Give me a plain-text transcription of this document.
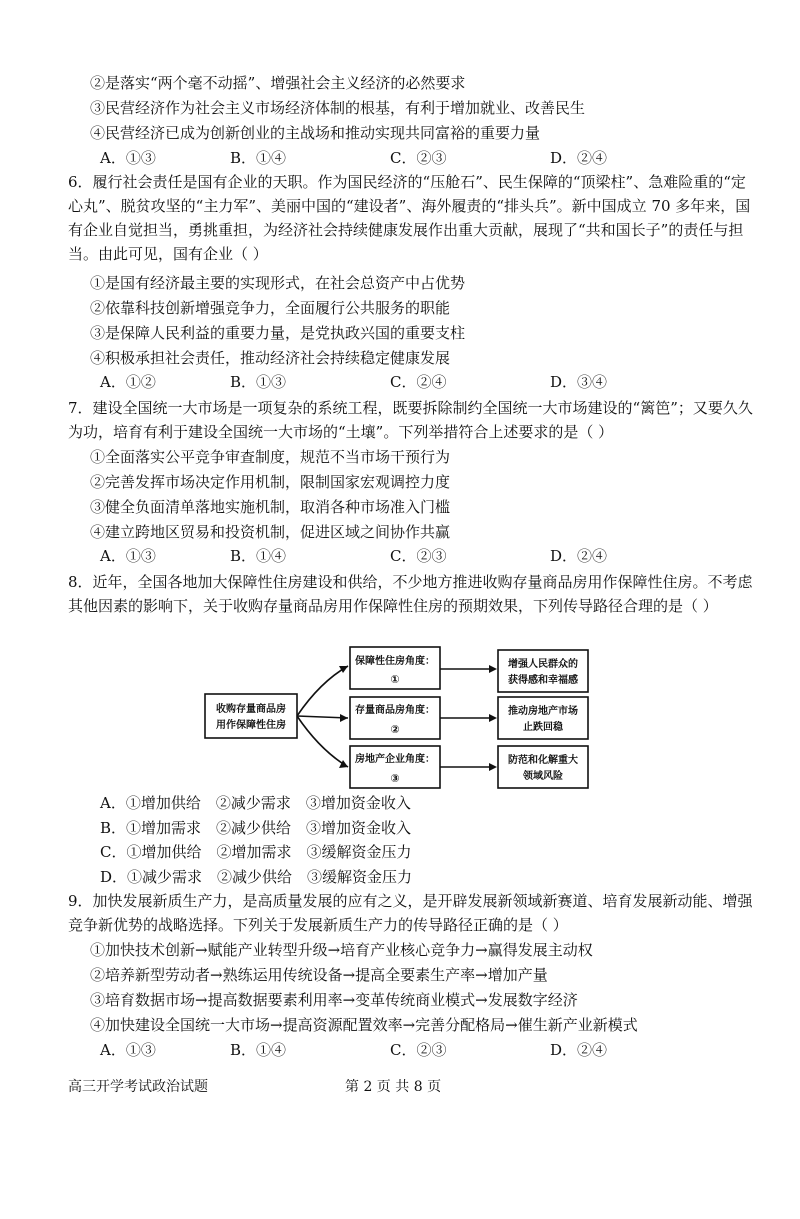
②是落实“两个毫不动摇”、增强社会主义经济的必然要求
③民营经济作为社会主义市场经济体制的根基，有利于增加就业、改善民生
④民营经济已成为创新创业的主战场和推动实现共同富裕的重要力量
A．①③	B．①④	C．②③	D．②④
6．履行社会责任是国有企业的天职。作为国民经济的“压舱石”、民生保障的“顶梁柱”、急难险重的“定心丸”、脱贫攻坚的“主力军”、美丽中国的“建设者”、海外履责的“排头兵”。新中国成立 70 多年来，国有企业自觉担当，勇挑重担，为经济社会持续健康发展作出重大贡献，展现了“共和国长子”的责任与担当。由此可见，国有企业（ ）
①是国有经济最主要的实现形式，在社会总资产中占优势
②依靠科技创新增强竞争力，全面履行公共服务的职能
③是保障人民利益的重要力量，是党执政兴国的重要支柱
④积极承担社会责任，推动经济社会持续稳定健康发展
A．①②	B．①③	C．②④	D．③④
7．建设全国统一大市场是一项复杂的系统工程，既要拆除制约全国统一大市场建设的“篱笆”；又要久久为功，培育有利于建设全国统一大市场的“土壤”。下列举措符合上述要求的是（ ）
①全面落实公平竞争审查制度，规范不当市场干预行为
②完善发挥市场决定作用机制，限制国家宏观调控力度
③健全负面清单落地实施机制，取消各种市场准入门槛
④建立跨地区贸易和投资机制，促进区域之间协作共赢
A．①③	B．①④	C．②③	D．②④
8．近年，全国各地加大保障性住房建设和供给，不少地方推进收购存量商品房用作保障性住房。不考虑其他因素的影响下，关于收购存量商品房用作保障性住房的预期效果，下列传导路径合理的是（ ）
收购存量商品房
用作保障性住房
保障性住房角度：
①
存量商品房角度：
②
房地产企业角度：
③
增强人民群众的
获得感和幸福感
推动房地产市场
止跌回稳
防范和化解重大
领域风险
A．①增加供给　②减少需求　③增加资金收入
B．①增加需求　②减少供给　③增加资金收入
C．①增加供给　②增加需求　③缓解资金压力
D．①减少需求　②减少供给　③缓解资金压力
9．加快发展新质生产力，是高质量发展的应有之义，是开辟发展新领域新赛道、培育发展新动能、增强竞争新优势的战略选择。下列关于发展新质生产力的传导路径正确的是（ ）
①加快技术创新→赋能产业转型升级→培育产业核心竞争力→赢得发展主动权
②培养新型劳动者→熟练运用传统设备→提高全要素生产率→增加产量
③培育数据市场→提高数据要素利用率→变革传统商业模式→发展数字经济
④加快建设全国统一大市场→提高资源配置效率→完善分配格局→催生新产业新模式
A．①③	B．①④	C．②③	D．②④
高三开学考试政治试题	第 2 页 共 8 页
